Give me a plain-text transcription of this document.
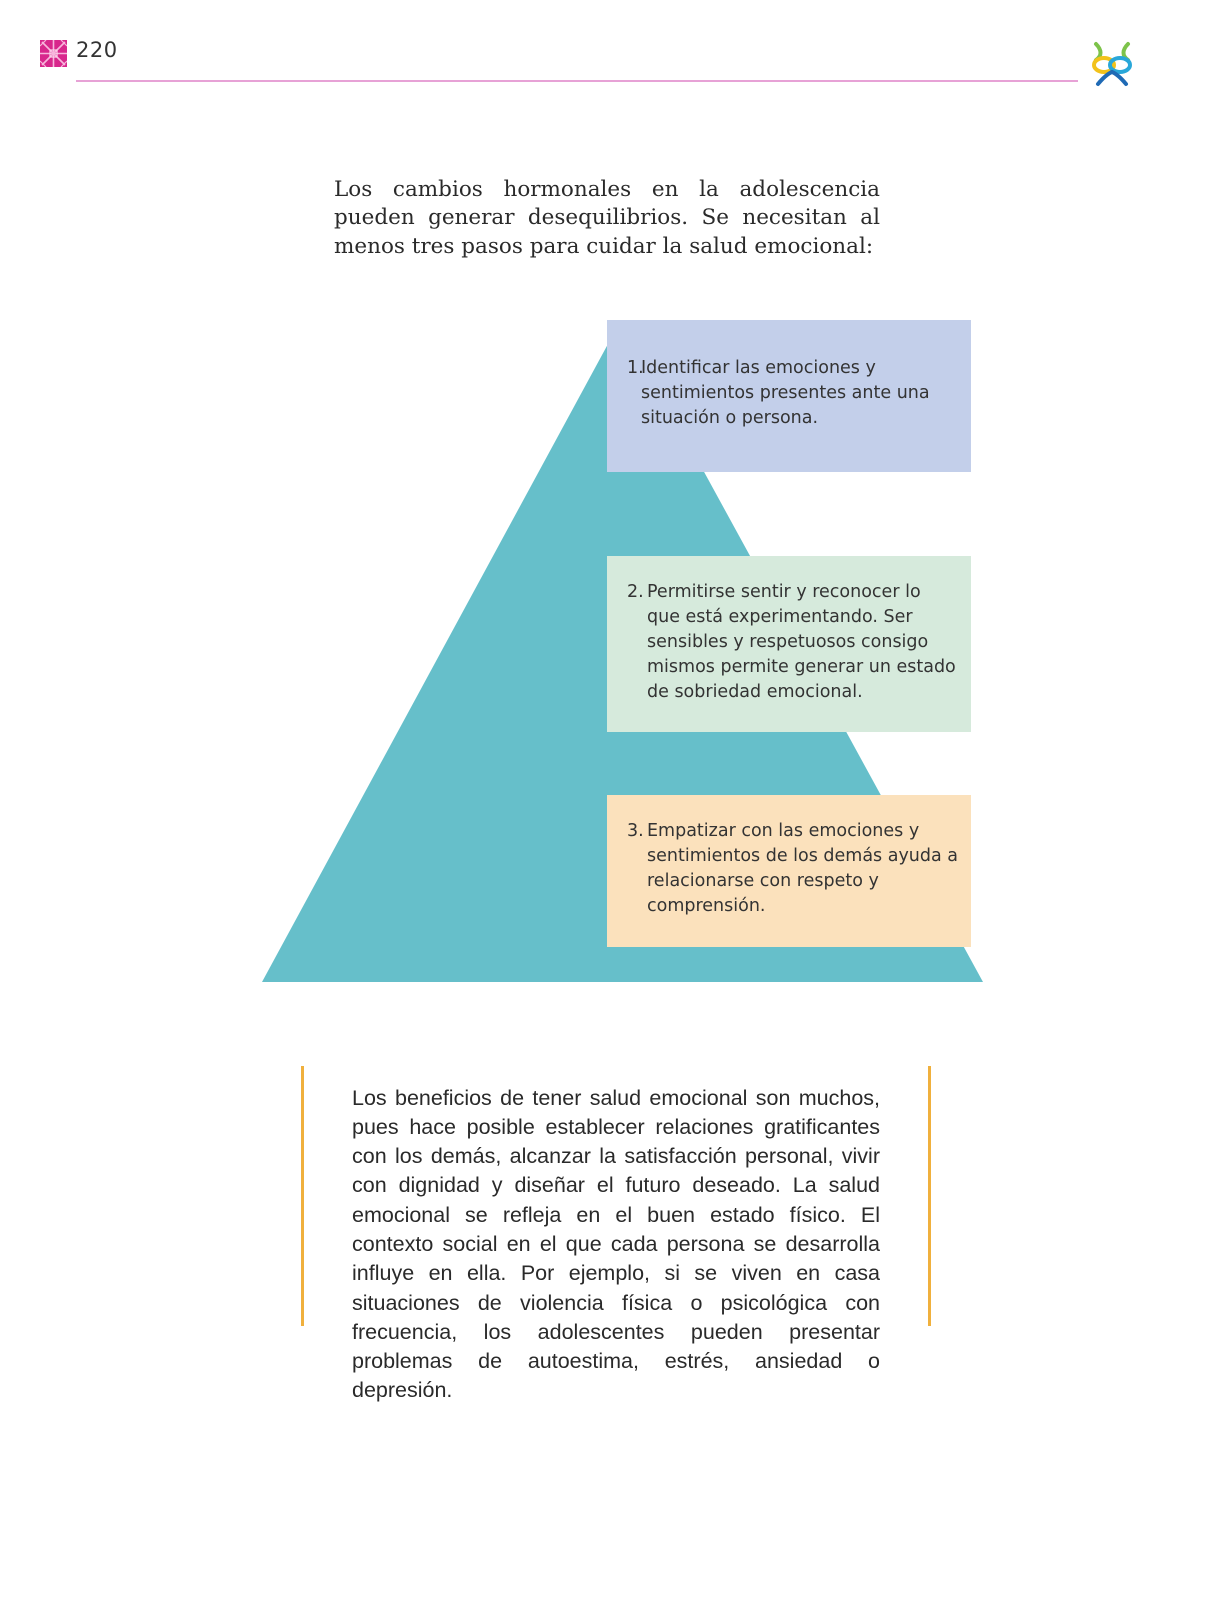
220

Los cambios hormonales en la adolescencia pueden generar desequilibrios. Se necesitan al menos tres pasos para cuidar la salud emocional:

1.
Identificar las emociones y sentimientos presentes ante una situación o persona.
2. Permitirse sentir y reconocer lo que está experimentando. Ser sensibles y respetuosos consigo mismos permite generar un estado de sobriedad emocional.
3. Empatizar con las emociones y sentimientos de los demás ayuda a relacionarse con respeto y comprensión.

Los beneficios de tener salud emocional son muchos, pues hace posible establecer relaciones gratificantes con los demás, alcanzar la satisfacción personal, vivir con dignidad y diseñar el futuro deseado. La salud emocional se refleja en el buen estado físico. El contexto social en el que cada persona se desarrolla influye en ella. Por ejemplo, si se viven en casa situaciones de violencia física o psicológica con frecuencia, los adolescentes pueden presentar problemas de autoestima, estrés, ansiedad o depresión.
